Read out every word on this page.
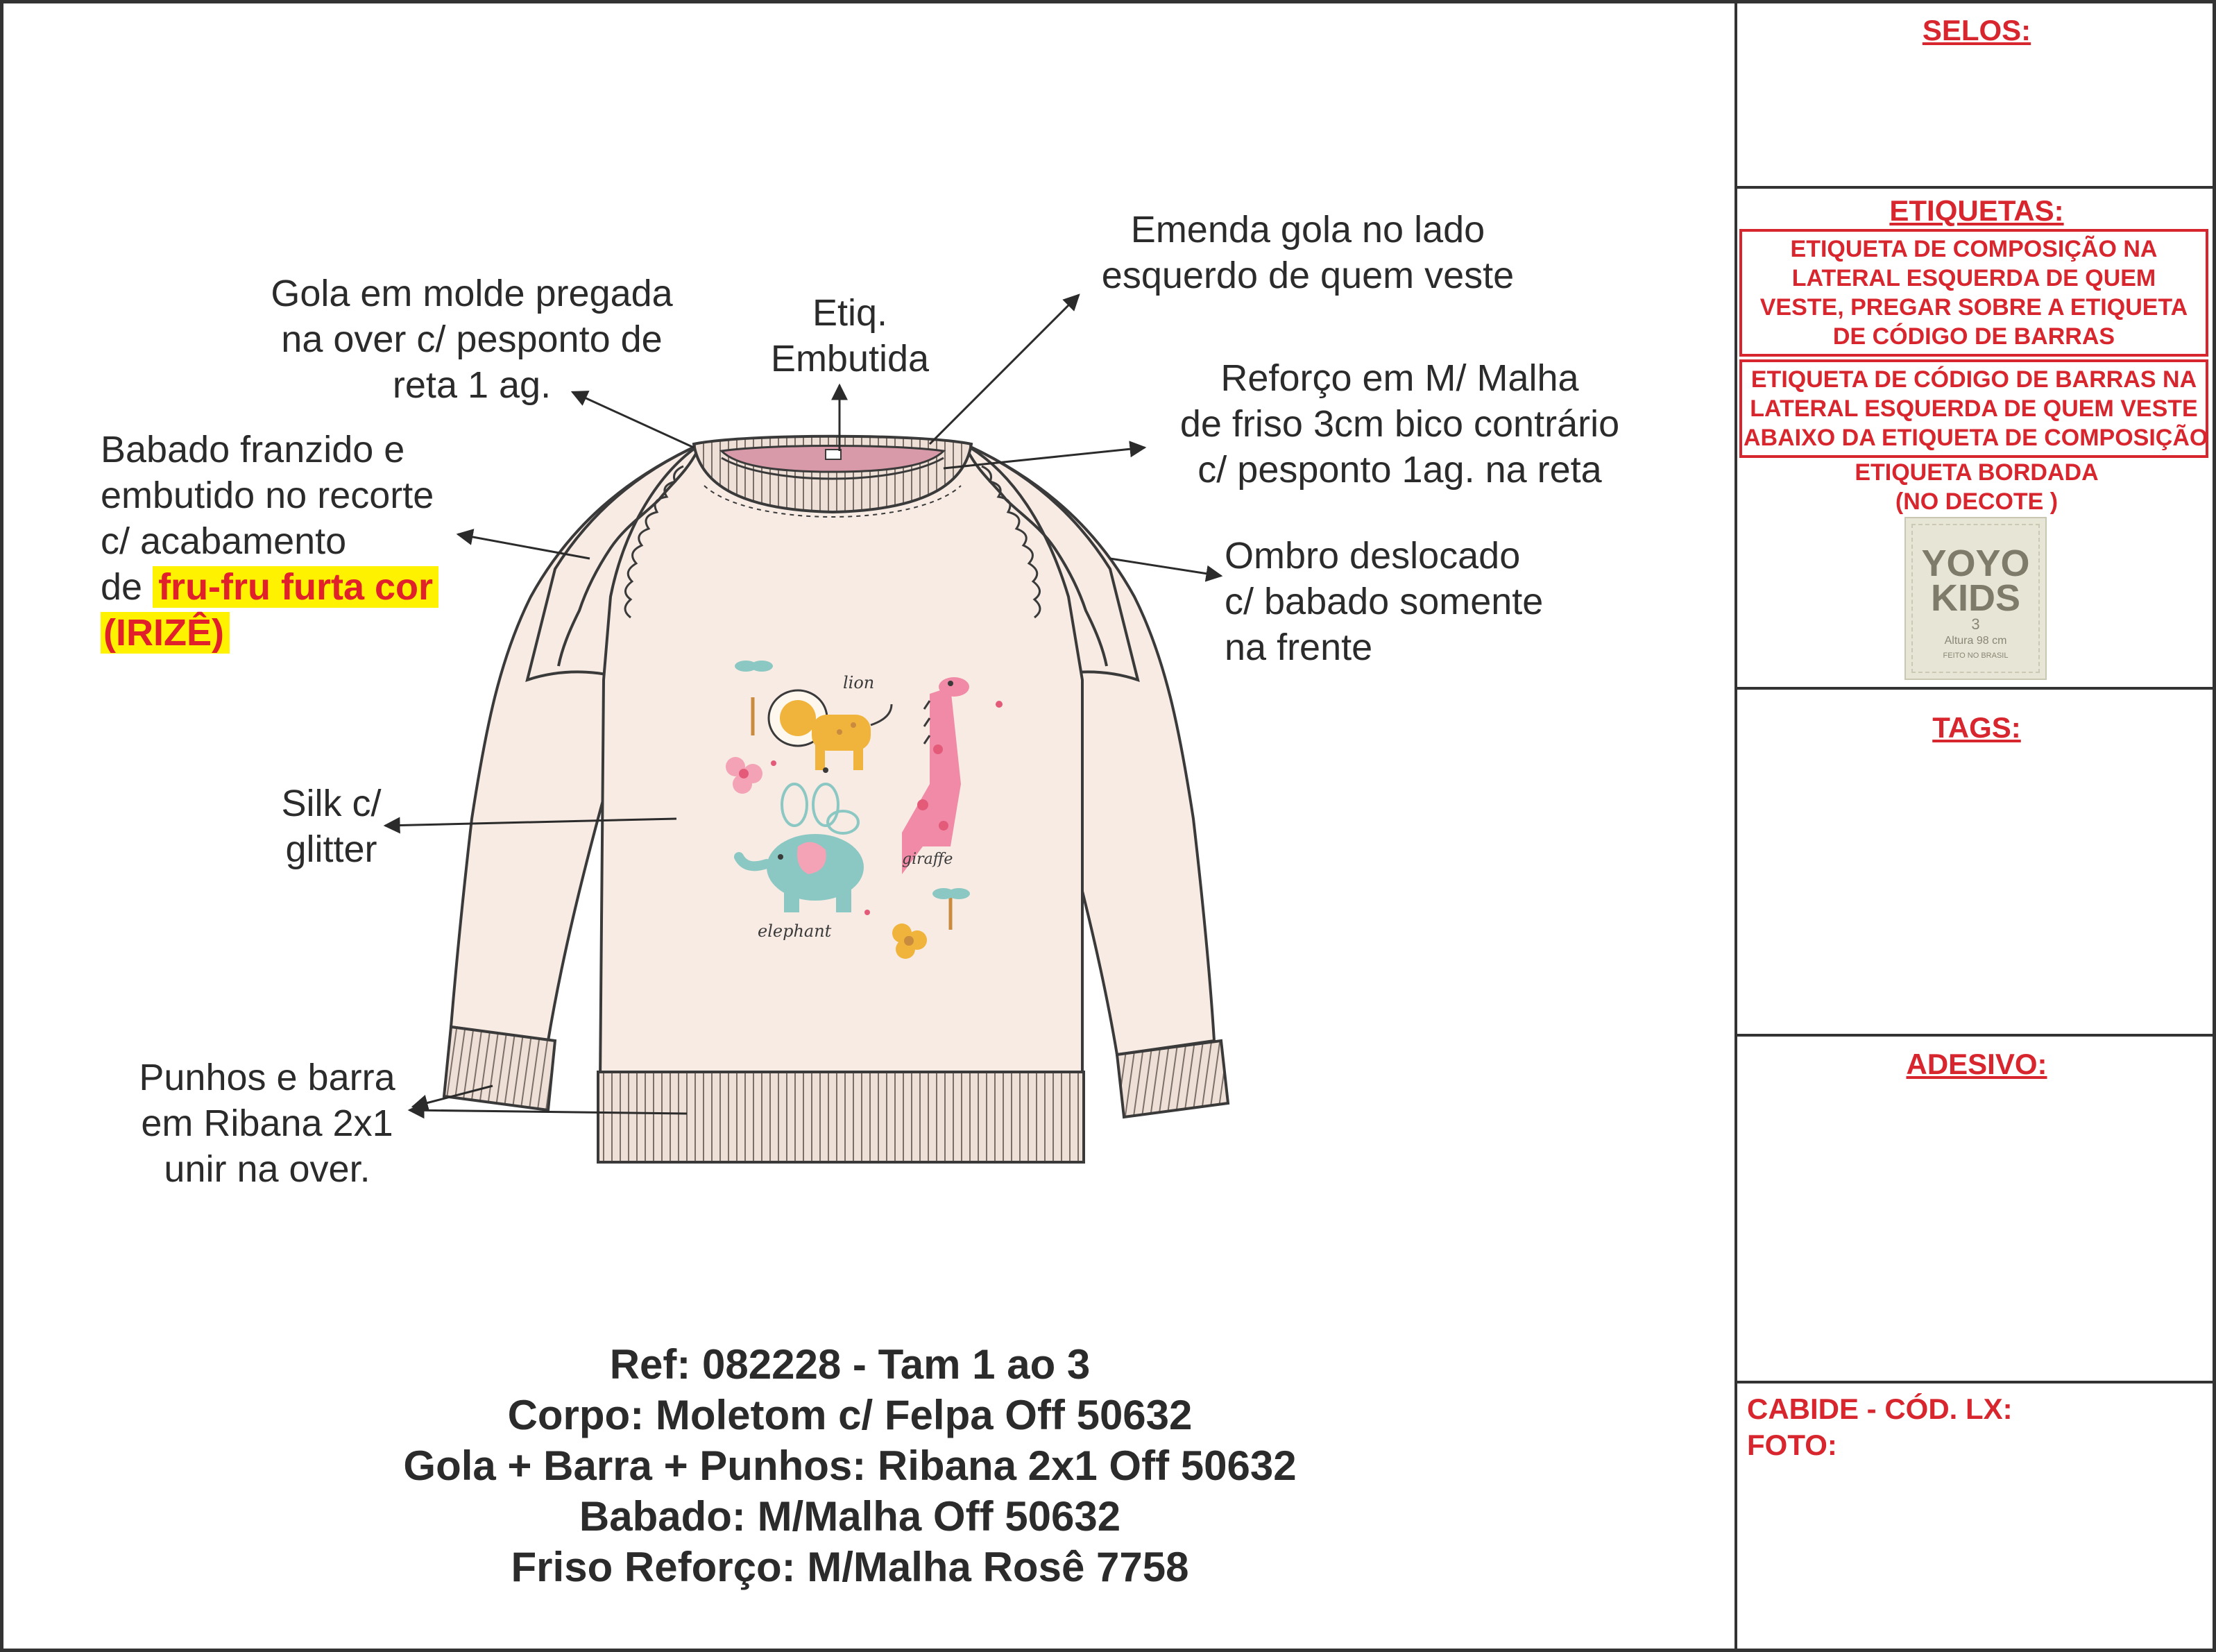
lion
giraffe
elephant
Gola em molde pregada
na over c/ pesponto de
reta 1 ag.
Etiq.
Embutida
Emenda gola no lado
esquerdo de quem veste
Reforço em M/ Malha
de friso 3cm bico contrário
c/ pesponto 1ag. na reta
Babado franzido e
embutido no recorte
c/ acabamento
de fru-fru furta cor
(IRIZÊ)
Ombro deslocado
c/ babado somente
na frente
Silk c/
glitter
Punhos e barra
em Ribana 2x1
unir na over.
Ref: 082228 - Tam 1 ao 3
Corpo: Moletom c/ Felpa Off 50632
Gola + Barra + Punhos: Ribana 2x1 Off 50632
Babado: M/Malha Off 50632
Friso Reforço: M/Malha Rosê 7758
SELOS:
ETIQUETAS:
ETIQUETA DE COMPOSIÇÃO NA
LATERAL ESQUERDA DE QUEM
VESTE, PREGAR SOBRE A ETIQUETA
DE CÓDIGO DE BARRAS
ETIQUETA DE CÓDIGO DE BARRAS NA
LATERAL ESQUERDA DE QUEM VESTE
ABAIXO DA ETIQUETA DE COMPOSIÇÃO
ETIQUETA BORDADA
(NO DECOTE )
YOYO
KIDS
3
Altura 98 cm
FEITO NO BRASIL
TAGS:
ADESIVO:
CABIDE - CÓD. LX:
FOTO:
